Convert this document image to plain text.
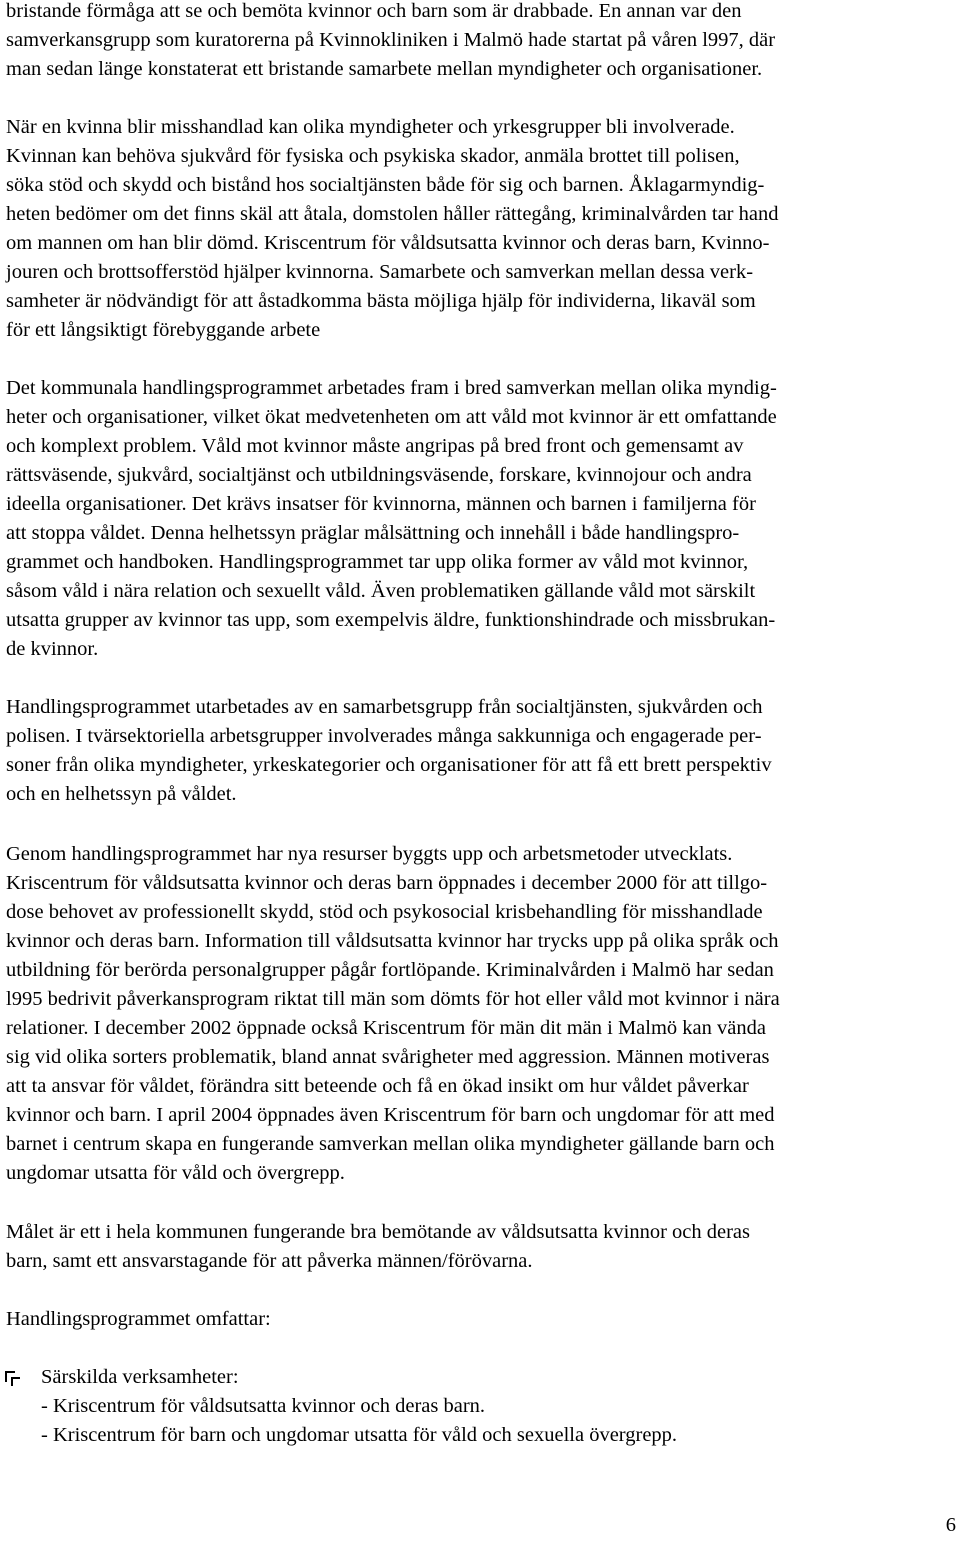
bristande förmåga att se och bemöta kvinnor och barn som är drabbade. En annan var den
samverkansgrupp som kuratorerna på Kvinnokliniken i Malmö hade startat på våren l997, där
man sedan länge konstaterat ett bristande samarbete mellan myndigheter och organisationer.
När en kvinna blir misshandlad kan olika myndigheter och yrkesgrupper bli involverade.
Kvinnan kan behöva sjukvård för fysiska och psykiska skador, anmäla brottet till polisen,
söka stöd och skydd och bistånd hos socialtjänsten både för sig och barnen. Åklagarmyndig-
heten bedömer om det finns skäl att åtala, domstolen håller rättegång, kriminalvården tar hand
om mannen om han blir dömd. Kriscentrum för våldsutsatta kvinnor och deras barn, Kvinno-
jouren och brottsofferstöd hjälper kvinnorna. Samarbete och samverkan mellan dessa verk-
samheter är nödvändigt för att åstadkomma bästa möjliga hjälp för individerna, likaväl som
för ett långsiktigt förebyggande arbete
Det kommunala handlingsprogrammet arbetades fram i bred samverkan mellan olika myndig-
heter och organisationer, vilket ökat medvetenheten om att våld mot kvinnor är ett omfattande
och komplext problem. Våld mot kvinnor måste angripas på bred front och gemensamt av
rättsväsende, sjukvård, socialtjänst och utbildningsväsende, forskare, kvinnojour och andra
ideella organisationer. Det krävs insatser för kvinnorna, männen och barnen i familjerna för
att stoppa våldet. Denna helhetssyn präglar målsättning och innehåll i både handlingspro-
grammet och handboken. Handlingsprogrammet tar upp olika former av våld mot kvinnor,
såsom våld i nära relation och sexuellt våld. Även problematiken gällande våld mot särskilt
utsatta grupper av kvinnor tas upp, som exempelvis äldre, funktionshindrade och missbrukan-
de kvinnor.
Handlingsprogrammet utarbetades av en samarbetsgrupp från socialtjänsten, sjukvården och
polisen. I tvärsektoriella arbetsgrupper involverades många sakkunniga och engagerade per-
soner från olika myndigheter, yrkeskategorier och organisationer för att få ett brett perspektiv
och en helhetssyn på våldet.
Genom handlingsprogrammet har nya resurser byggts upp och arbetsmetoder utvecklats.
Kriscentrum för våldsutsatta kvinnor och deras barn öppnades i december 2000 för att tillgo-
dose behovet av professionellt skydd, stöd och psykosocial krisbehandling för misshandlade
kvinnor och deras barn. Information till våldsutsatta kvinnor har trycks upp på olika språk och
utbildning för berörda personalgrupper pågår fortlöpande. Kriminalvården i Malmö har sedan
l995 bedrivit påverkansprogram riktat till män som dömts för hot eller våld mot kvinnor i nära
relationer. I december 2002 öppnade också Kriscentrum för män dit män i Malmö kan vända
sig vid olika sorters problematik, bland annat svårigheter med aggression. Männen motiveras
att ta ansvar för våldet, förändra sitt beteende och få en ökad insikt om hur våldet påverkar
kvinnor och barn. I april 2004 öppnades även Kriscentrum för barn och ungdomar för att med
barnet i centrum skapa en fungerande samverkan mellan olika myndigheter gällande barn och
ungdomar utsatta för våld och övergrepp.
Målet är ett i hela kommunen fungerande bra bemötande av våldsutsatta kvinnor och deras
barn, samt ett ansvarstagande för att påverka männen/förövarna.
Handlingsprogrammet omfattar:
Särskilda verksamheter:
- Kriscentrum för våldsutsatta kvinnor och deras barn.
- Kriscentrum för barn och ungdomar utsatta för våld och sexuella övergrepp.
6
